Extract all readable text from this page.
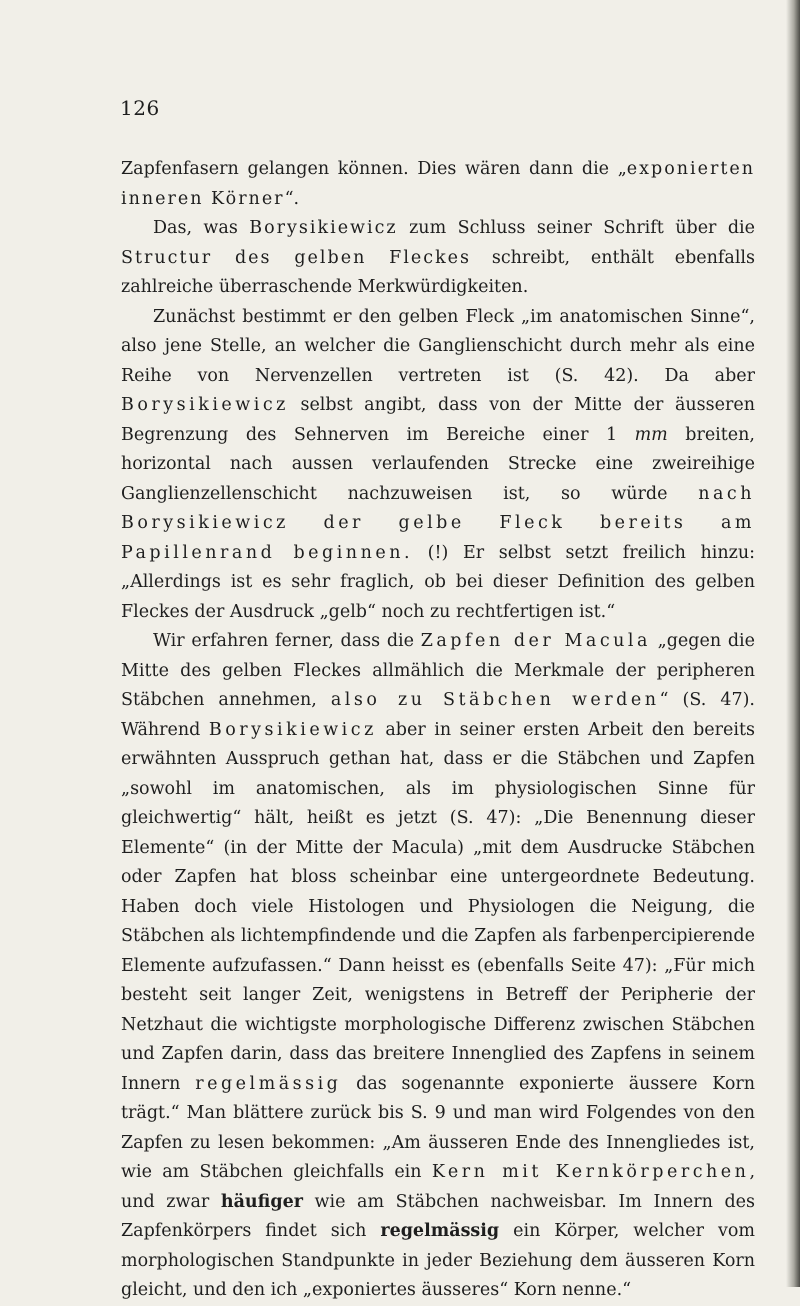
126

Zapfenfasern gelangen können. Dies wären dann die „exponierten inneren Körner“.

Das, was Borysikiewicz zum Schluss seiner Schrift über die Structur des gelben Fleckes schreibt, enthält ebenfalls zahlreiche überraschende Merkwürdigkeiten.

Zunächst bestimmt er den gelben Fleck „im anatomischen Sinne“, also jene Stelle, an welcher die Ganglienschicht durch mehr als eine Reihe von Nervenzellen vertreten ist (S. 42). Da aber Borysikiewicz selbst angibt, dass von der Mitte der äusseren Begrenzung des Sehnerven im Bereiche einer 1 mm breiten, horizontal nach aussen verlaufenden Strecke eine zweireihige Ganglienzellenschicht nachzuweisen ist, so würde nach Borysikiewicz der gelbe Fleck bereits am Papillenrand beginnen. (!) Er selbst setzt freilich hinzu: „Allerdings ist es sehr fraglich, ob bei dieser Definition des gelben Fleckes der Ausdruck „gelb“ noch zu rechtfertigen ist.“

Wir erfahren ferner, dass die Zapfen der Macula „gegen die Mitte des gelben Fleckes allmählich die Merkmale der peripheren Stäbchen annehmen, also zu Stäbchen werden“ (S. 47). Während Borysikiewicz aber in seiner ersten Arbeit den bereits erwähnten Ausspruch gethan hat, dass er die Stäbchen und Zapfen „sowohl im anatomischen, als im physiologischen Sinne für gleichwertig“ hält, heißt es jetzt (S. 47): „Die Benennung dieser Elemente“ (in der Mitte der Macula) „mit dem Ausdrucke Stäbchen oder Zapfen hat bloss scheinbar eine untergeordnete Bedeutung. Haben doch viele Histologen und Physiologen die Neigung, die Stäbchen als lichtempfindende und die Zapfen als farbenpercipierende Elemente aufzufassen.“ Dann heisst es (ebenfalls Seite 47): „Für mich besteht seit langer Zeit, wenigstens in Betreff der Peripherie der Netzhaut die wichtigste morphologische Differenz zwischen Stäbchen und Zapfen darin, dass das breitere Innenglied des Zapfens in seinem Innern regelmässig das sogenannte exponierte äussere Korn trägt.“ Man blättere zurück bis S. 9 und man wird Folgendes von den Zapfen zu lesen bekommen: „Am äusseren Ende des Innengliedes ist, wie am Stäbchen gleichfalls ein Kern mit Kernkörperchen, und zwar häufiger wie am Stäbchen nachweisbar. Im Innern des Zapfenkörpers findet sich regelmässig ein Körper, welcher vom morphologischen Standpunkte in jeder Beziehung dem äusseren Korn gleicht, und den ich „exponiertes äusseres“ Korn nenne.“
